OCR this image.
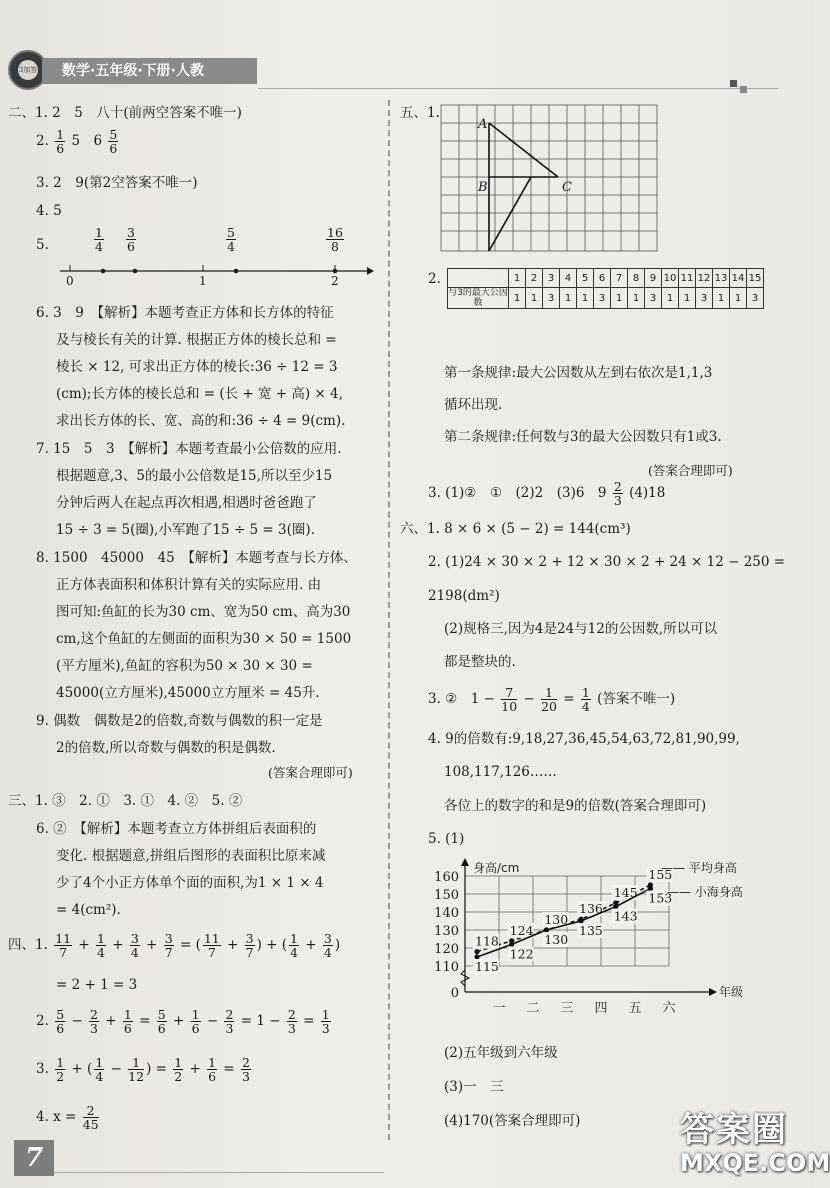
3加答	数学·五年级·下册·人教
二、1. 2　5　八十(前两空答案不唯一)
2. $\frac{1}{6} 5$　$6 \frac{5}{6}$
3. 2　9(第2空答案不唯一)
4. 5
5.	$\frac{1}{4} \frac{3}{6}$	$\frac{5}{4}$	$\frac{16}{8}$
0	1	2
6. 3　9　【解析】本题考查正方体和长方体的特征
及与棱长有关的计算. 根据正方体的棱长总和 =
棱长 × 12, 可求出正方体的棱长:36 ÷ 12 = 3
(cm);长方体的棱长总和 = (长 + 宽 + 高) × 4,
求出长方体的长、宽、高的和:36 ÷ 4 = 9(cm).
7. 15　5　3　【解析】本题考查最小公倍数的应用.
根据题意,3、5的最小公倍数是15,所以至少15
分钟后两人在起点再次相遇,相遇时爸爸跑了
15 ÷ 3 = 5(圈),小军跑了15 ÷ 5 = 3(圈).
8. 1500　45000　45　【解析】本题考查与长方体、
正方体表面积和体积计算有关的实际应用. 由
图可知:鱼缸的长为30 cm、宽为50 cm、高为30
cm,这个鱼缸的左侧面的面积为30 × 50 = 1500
(平方厘米),鱼缸的容积为50 × 30 × 30 =
45000(立方厘米),45000立方厘米 = 45升.
9. 偶数　偶数是2的倍数,奇数与偶数的积一定是
2的倍数,所以奇数与偶数的积是偶数.
(答案合理即可)
三、1. ③　2. ①　3. ①　4. ②　5. ②
6. ②　【解析】本题考查立方体拼组后表面积的
变化. 根据题意,拼组后图形的表面积比原来减
少了4个小正方体单个面的面积,为1 × 1 × 4
= 4(cm²).
四、1. $\frac{11}{7} + \frac{1}{4} + \frac{3}{4} + \frac{3}{7}$ = ( $\frac{11}{7} + \frac{3}{7}$ ) + ( $\frac{1}{4} + \frac{3}{4}$ )
= 2 + 1 = 3
2. $\frac{5}{6} - \frac{2}{3} + \frac{1}{6} = \frac{5}{6} + \frac{1}{6} - \frac{2}{3} = 1 - \frac{2}{3} = \frac{1}{3}$
3. $\frac{1}{2}$ + ( $\frac{1}{4} - \frac{1}{12}$ ) = $\frac{1}{2} + \frac{1}{6} = \frac{2}{3}$
4. $x = \frac{2}{45}$
五、1.
A
B	C
2.
		1	2	3	4	5	6	7	8	9	10	11	12	13	14	15
与3的最大公因数	1	1	3	1	1	3	1	1	3	1	1	3	1	1	3
第一条规律:最大公因数从左到右依次是1,1,3
循环出现.
第二条规律:任何数与3的最大公因数只有1或3.
(答案合理即可)
3. (1)②　①　(2)2　(3)6　$9 \frac{2}{3} (4)18$
六、1. 8 × 6 × (5 − 2) = 144(cm³)
2. (1)24 × 30 × 2 + 12 × 30 × 2 + 24 × 12 − 250 =
2198(dm²)
(2)规格三,因为4是24与12的公因数,所以可以
都是整块的.
3. ②　$1 - \frac{7}{10} - \frac{1}{20} = \frac{1}{4}$ (答案不唯一)
4. 9的倍数有:9,18,27,36,45,54,63,72,81,90,99,
108,117,126……
各位上的数字的和是9的倍数(答案合理即可)
5. (1)
160
150
140
130
120
110
0
一 二 三 四 五 六
身高/cm
年级
118
124
130
136
145
155
115
122
130
135
143
153
—— 平均身高
—— 小海身高
(2)五年级到六年级
(3)一　三
(4)170(答案合理即可)
7
答案圈
MXQE.COM
